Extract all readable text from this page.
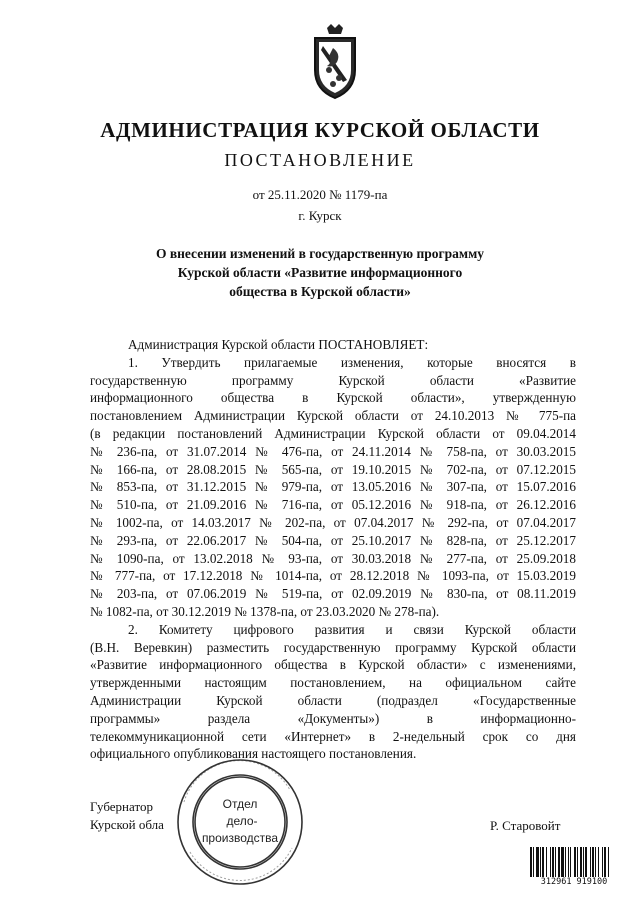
АДМИНИСТРАЦИЯ КУРСКОЙ ОБЛАСТИ
ПОСТАНОВЛЕНИЕ
от 25.11.2020 № 1179-па
г. Курск
О внесении изменений в государственную программу
Курской области «Развитие информационного
общества в Курской области»
Администрация Курской области ПОСТАНОВЛЯЕТ:
1. Утвердить прилагаемые изменения, которые вносятся в
государственную программу Курской области «Развитие
информационного общества в Курской области», утвержденную
постановлением Администрации Курской области от 24.10.2013 № 775-па
(в редакции постановлений Администрации Курской области от 09.04.2014
№ 236-па, от 31.07.2014 № 476-па, от 24.11.2014 № 758-па, от 30.03.2015
№ 166-па, от 28.08.2015 № 565-па, от 19.10.2015 № 702-па, от 07.12.2015
№ 853-па, от 31.12.2015 № 979-па, от 13.05.2016 № 307-па, от 15.07.2016
№ 510-па, от 21.09.2016 № 716-па, от 05.12.2016 № 918-па, от 26.12.2016
№ 1002-па, от 14.03.2017 № 202-па, от 07.04.2017 № 292-па, от 07.04.2017
№ 293-па, от 22.06.2017 № 504-па, от 25.10.2017 № 828-па, от 25.12.2017
№ 1090-па, от 13.02.2018 № 93-па, от 30.03.2018 № 277-па, от 25.09.2018
№ 777-па, от 17.12.2018 № 1014-па, от 28.12.2018 № 1093-па, от 15.03.2019
№ 203-па, от 07.06.2019 № 519-па, от 02.09.2019 № 830-па, от 08.11.2019
№ 1082-па, от 30.12.2019 № 1378-па, от 23.03.2020 № 278-па).
2. Комитету цифрового развития и связи Курской области
(В.Н. Веревкин) разместить государственную программу Курской области
«Развитие информационного общества в Курской области» с изменениями,
утвержденными настоящим постановлением, на официальном сайте
Администрации Курской области (подраздел «Государственные
программы» раздела «Документы») в информационно-
телекоммуникационной сети «Интернет» в 2-недельный срок со дня
официального опубликования настоящего постановления.
Губернатор
Курской обла	Р. Старовойт
Отдел
дело-
производства
312961 919100
